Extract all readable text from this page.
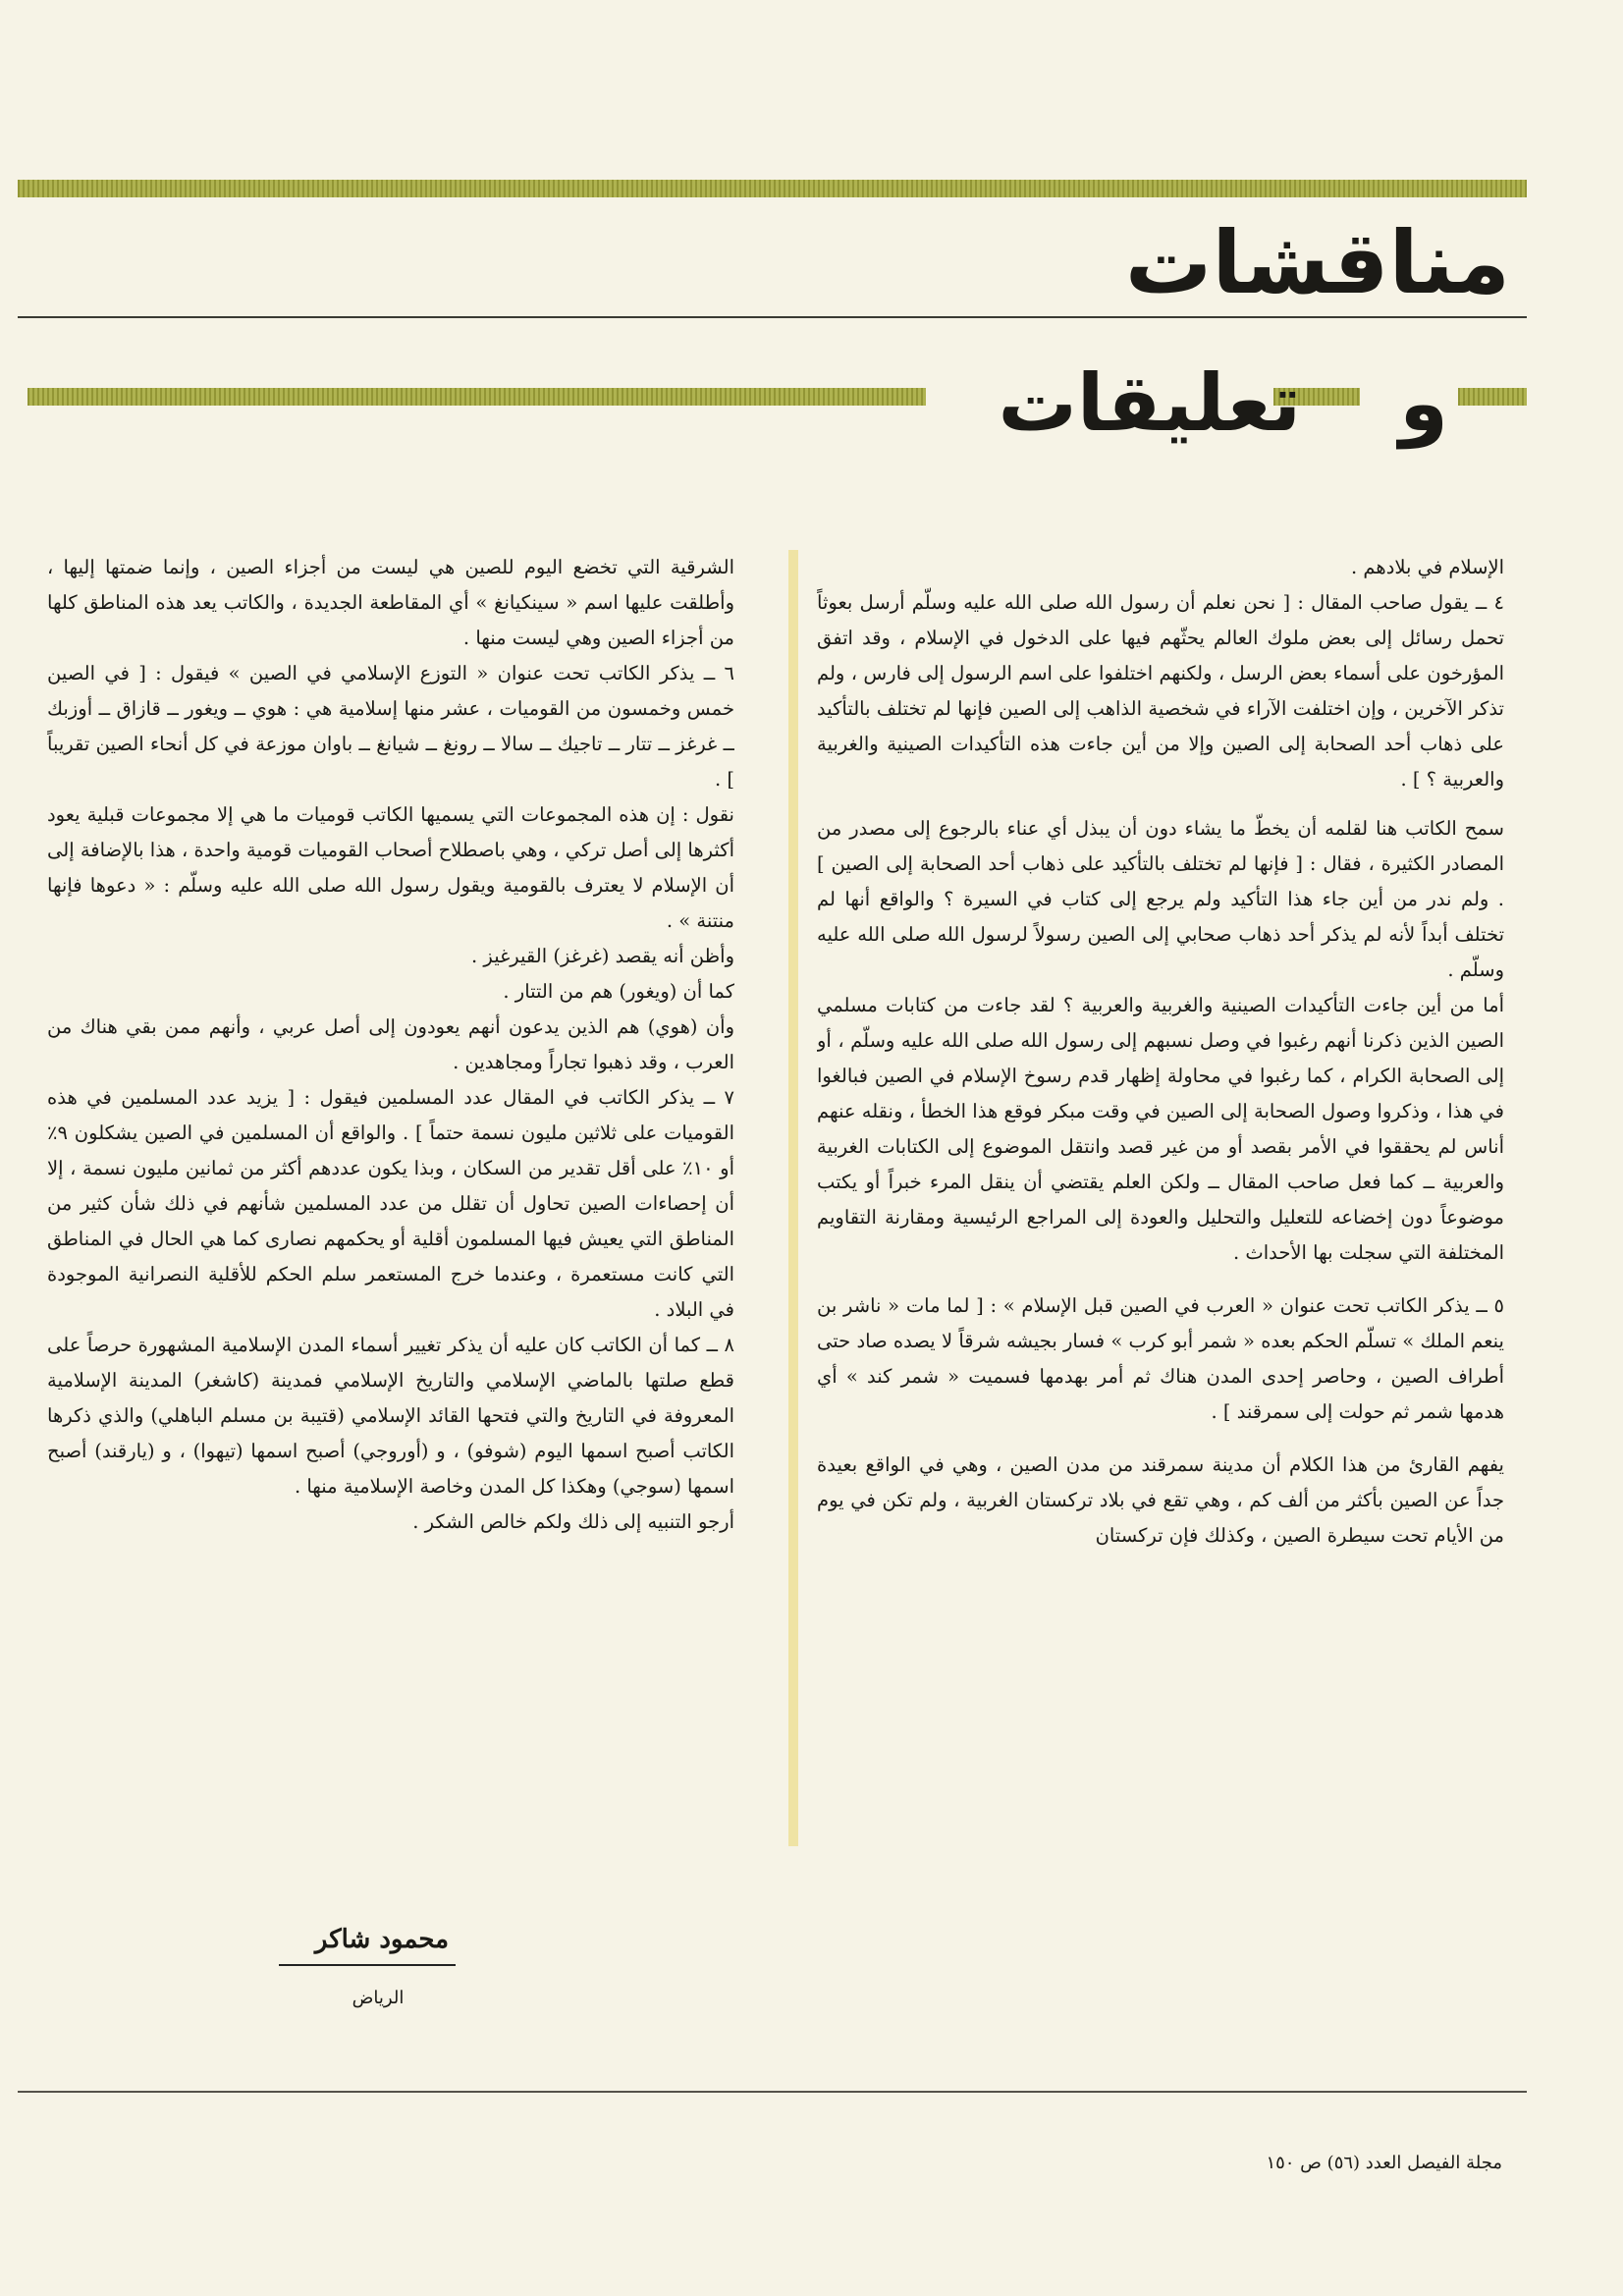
مناقشات
و
تعليقات

الإسلام في بلادهم .

٤ ــ يقول صاحب المقال : [ نحن نعلم أن رسول الله صلى الله عليه وسلّم أرسل بعوثاً تحمل رسائل إلى بعض ملوك العالم يحثّهم فيها على الدخول في الإسلام ، وقد اتفق المؤرخون على أسماء بعض الرسل ، ولكنهم اختلفوا على اسم الرسول إلى فارس ، ولم تذكر الآخرين ، وإن اختلفت الآراء في شخصية الذاهب إلى الصين فإنها لم تختلف بالتأكيد على ذهاب أحد الصحابة إلى الصين وإلا من أين جاءت هذه التأكيدات الصينية والغربية والعربية ؟ ] .

سمح الكاتب هنا لقلمه أن يخطّ ما يشاء دون أن يبذل أي عناء بالرجوع إلى مصدر من المصادر الكثيرة ، فقال : [ فإنها لم تختلف بالتأكيد على ذهاب أحد الصحابة إلى الصين ] . ولم ندر من أين جاء هذا التأكيد ولم يرجع إلى كتاب في السيرة ؟ والواقع أنها لم تختلف أبداً لأنه لم يذكر أحد ذهاب صحابي إلى الصين رسولاً لرسول الله صلى الله عليه وسلّم .

أما من أين جاءت التأكيدات الصينية والغربية والعربية ؟ لقد جاءت من كتابات مسلمي الصين الذين ذكرنا أنهم رغبوا في وصل نسبهم إلى رسول الله صلى الله عليه وسلّم ، أو إلى الصحابة الكرام ، كما رغبوا في محاولة إظهار قدم رسوخ الإسلام في الصين فبالغوا في هذا ، وذكروا وصول الصحابة إلى الصين في وقت مبكر فوقع هذا الخطأ ، ونقله عنهم أناس لم يحققوا في الأمر بقصد أو من غير قصد وانتقل الموضوع إلى الكتابات الغربية والعربية ــ كما فعل صاحب المقال ــ ولكن العلم يقتضي أن ينقل المرء خبراً أو يكتب موضوعاً دون إخضاعه للتعليل والتحليل والعودة إلى المراجع الرئيسية ومقارنة التقاويم المختلفة التي سجلت بها الأحداث .

٥ ــ يذكر الكاتب تحت عنوان « العرب في الصين قبل الإسلام » : [ لما مات « ناشر بن ينعم الملك » تسلّم الحكم بعده « شمر أبو كرب » فسار بجيشه شرقاً لا يصده صاد حتى أطراف الصين ، وحاصر إحدى المدن هناك ثم أمر بهدمها فسميت « شمر كند » أي هدمها شمر ثم حولت إلى سمرقند ] .

يفهم القارئ من هذا الكلام أن مدينة سمرقند من مدن الصين ، وهي في الواقع بعيدة جداً عن الصين بأكثر من ألف كم ، وهي تقع في بلاد تركستان الغربية ، ولم تكن في يوم من الأيام تحت سيطرة الصين ، وكذلك فإن تركستان

الشرقية التي تخضع اليوم للصين هي ليست من أجزاء الصين ، وإنما ضمتها إليها ، وأطلقت عليها اسم « سينكيانغ » أي المقاطعة الجديدة ، والكاتب يعد هذه المناطق كلها من أجزاء الصين وهي ليست منها .

٦ ــ يذكر الكاتب تحت عنوان « التوزع الإسلامي في الصين » فيقول : [ في الصين خمس وخمسون من القوميات ، عشر منها إسلامية هي : هوي ــ ويغور ــ قازاق ــ أوزبك ــ غرغز ــ تتار ــ تاجيك ــ سالا ــ رونغ ــ شيانغ ــ باوان موزعة في كل أنحاء الصين تقريباً ] .

نقول : إن هذه المجموعات التي يسميها الكاتب قوميات ما هي إلا مجموعات قبلية يعود أكثرها إلى أصل تركي ، وهي باصطلاح أصحاب القوميات قومية واحدة ، هذا بالإضافة إلى أن الإسلام لا يعترف بالقومية ويقول رسول الله صلى الله عليه وسلّم : « دعوها فإنها منتنة » .

وأظن أنه يقصد (غرغز) القيرغيز .

كما أن (ويغور) هم من التتار .

وأن (هوي) هم الذين يدعون أنهم يعودون إلى أصل عربي ، وأنهم ممن بقي هناك من العرب ، وقد ذهبوا تجاراً ومجاهدين .

٧ ــ يذكر الكاتب في المقال عدد المسلمين فيقول : [ يزيد عدد المسلمين في هذه القوميات على ثلاثين مليون نسمة حتماً ] . والواقع أن المسلمين في الصين يشكلون ٩٪ أو ١٠٪ على أقل تقدير من السكان ، وبذا يكون عددهم أكثر من ثمانين مليون نسمة ، إلا أن إحصاءات الصين تحاول أن تقلل من عدد المسلمين شأنهم في ذلك شأن كثير من المناطق التي يعيش فيها المسلمون أقلية أو يحكمهم نصارى كما هي الحال في المناطق التي كانت مستعمرة ، وعندما خرج المستعمر سلم الحكم للأقلية النصرانية الموجودة في البلاد .

٨ ــ كما أن الكاتب كان عليه أن يذكر تغيير أسماء المدن الإسلامية المشهورة حرصاً على قطع صلتها بالماضي الإسلامي والتاريخ الإسلامي فمدينة (كاشغر) المدينة الإسلامية المعروفة في التاريخ والتي فتحها القائد الإسلامي (قتيبة بن مسلم الباهلي) والذي ذكرها الكاتب أصبح اسمها اليوم (شوفو) ، و (أوروجي) أصبح اسمها (تيهوا) ، و (يارقند) أصبح اسمها (سوجي) وهكذا كل المدن وخاصة الإسلامية منها .

أرجو التنبيه إلى ذلك ولكم خالص الشكر .

محمود شاكر
الرياض
مجلة الفيصل العدد (٥٦) ص ١٥٠
